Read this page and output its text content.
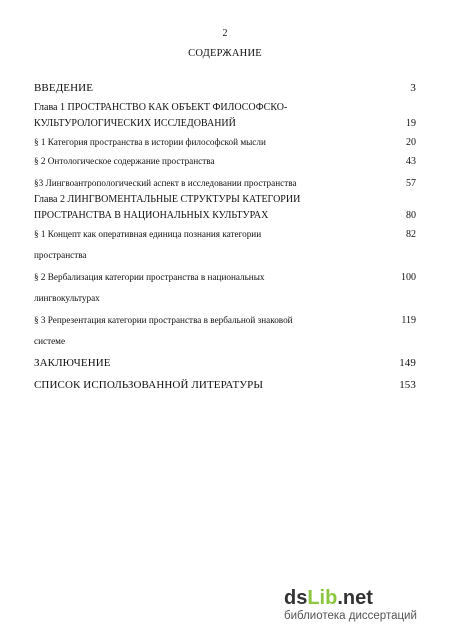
2
СОДЕРЖАНИЕ
ВВЕДЕНИЕ	3
Глава 1 ПРОСТРАНСТВО КАК ОБЪЕКТ ФИЛОСОФСКО-
КУЛЬТУРОЛОГИЧЕСКИХ ИССЛЕДОВАНИЙ	19
§ 1 Категория пространства в истории философской мысли	20
§ 2 Онтологическое содержание пространства	43
§3 Лингвоантропологический аспект в исследовании пространства	57
Глава 2 ЛИНГВОМЕНТАЛЬНЫЕ СТРУКТУРЫ КАТЕГОРИИ
ПРОСТРАНСТВА В НАЦИОНАЛЬНЫХ КУЛЬТУРАХ	80
§ 1 Концепт как оперативная единица познания категории	82
пространства
§ 2 Вербализация категории пространства в национальных	100
лингвокультурах
§ 3 Репрезентация категории пространства в вербальной знаковой	119
системе
ЗАКЛЮЧЕНИЕ	149
СПИСОК ИСПОЛЬЗОВАННОЙ ЛИТЕРАТУРЫ	153
dsLib.net
библиотека диссертаций
